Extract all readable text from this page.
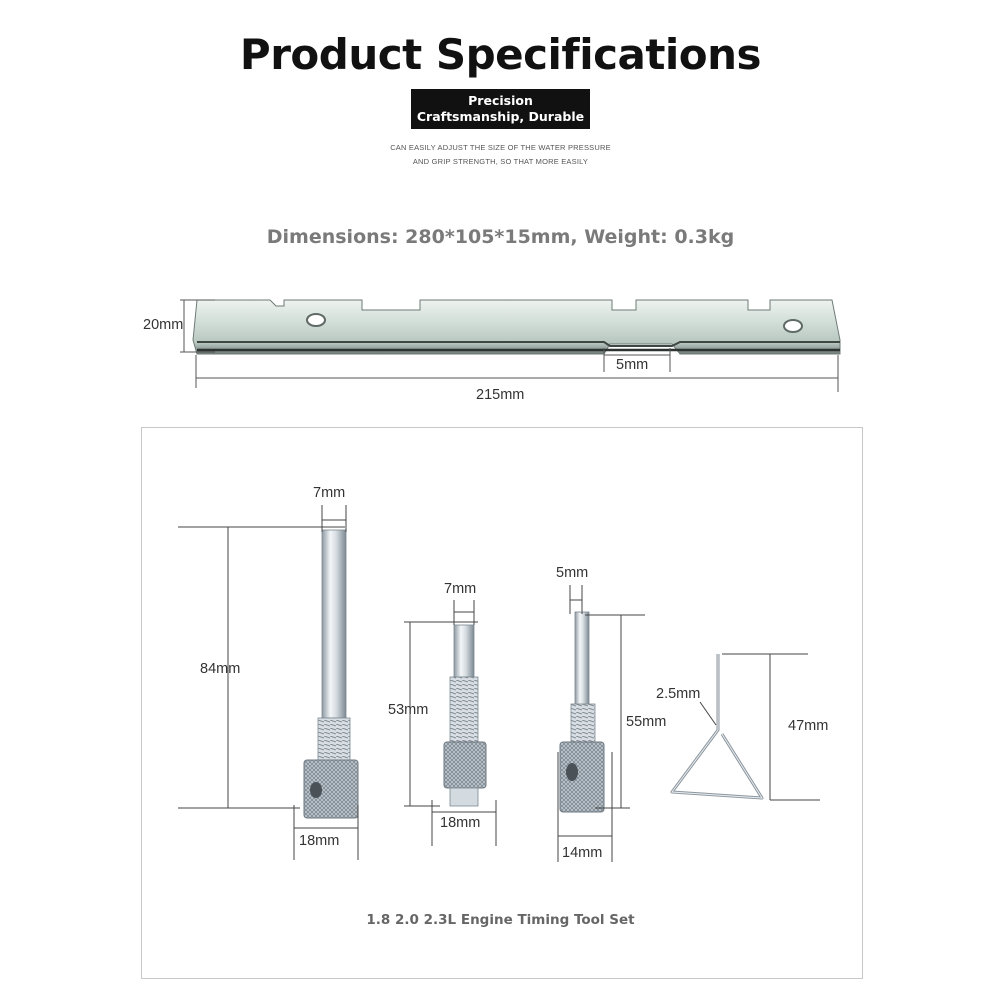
Product Specifications
Precision
Craftsmanship, Durable
CAN EASILY ADJUST THE SIZE OF THE WATER PRESSURE
AND GRIP STRENGTH, SO THAT MORE EASILY
Dimensions: 280*105*15mm, Weight: 0.3kg
20mm
5mm
215mm
7mm
84mm
18mm
7mm
53mm
18mm
5mm
55mm
14mm
2.5mm
47mm
1.8 2.0 2.3L Engine Timing Tool Set
